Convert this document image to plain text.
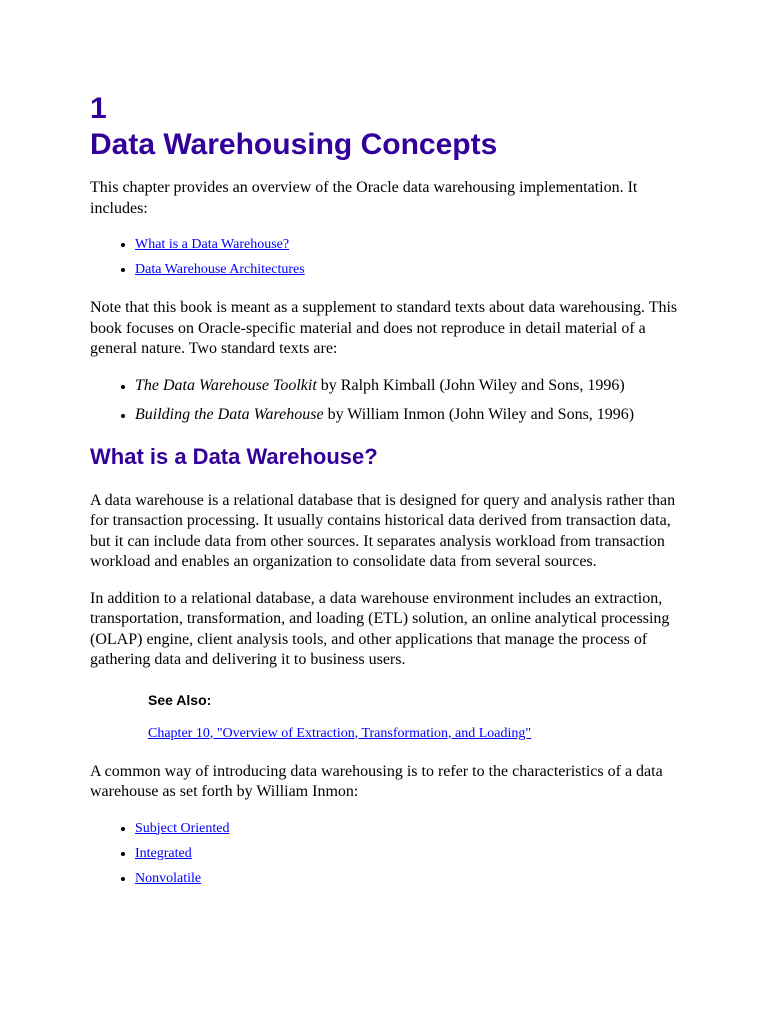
1
Data Warehousing Concepts

This chapter provides an overview of the Oracle data warehousing implementation. It includes:

• What is a Data Warehouse?
• Data Warehouse Architectures

Note that this book is meant as a supplement to standard texts about data warehousing. This book focuses on Oracle-specific material and does not reproduce in detail material of a general nature. Two standard texts are:

• The Data Warehouse Toolkit by Ralph Kimball (John Wiley and Sons, 1996)
• Building the Data Warehouse by William Inmon (John Wiley and Sons, 1996)
What is a Data Warehouse?

A data warehouse is a relational database that is designed for query and analysis rather than for transaction processing. It usually contains historical data derived from transaction data, but it can include data from other sources. It separates analysis workload from transaction workload and enables an organization to consolidate data from several sources.

In addition to a relational database, a data warehouse environment includes an extraction, transportation, transformation, and loading (ETL) solution, an online analytical processing (OLAP) engine, client analysis tools, and other applications that manage the process of gathering data and delivering it to business users.

See Also:
Chapter 10, "Overview of Extraction, Transformation, and Loading"

A common way of introducing data warehousing is to refer to the characteristics of a data warehouse as set forth by William Inmon:

• Subject Oriented
• Integrated
• Nonvolatile
